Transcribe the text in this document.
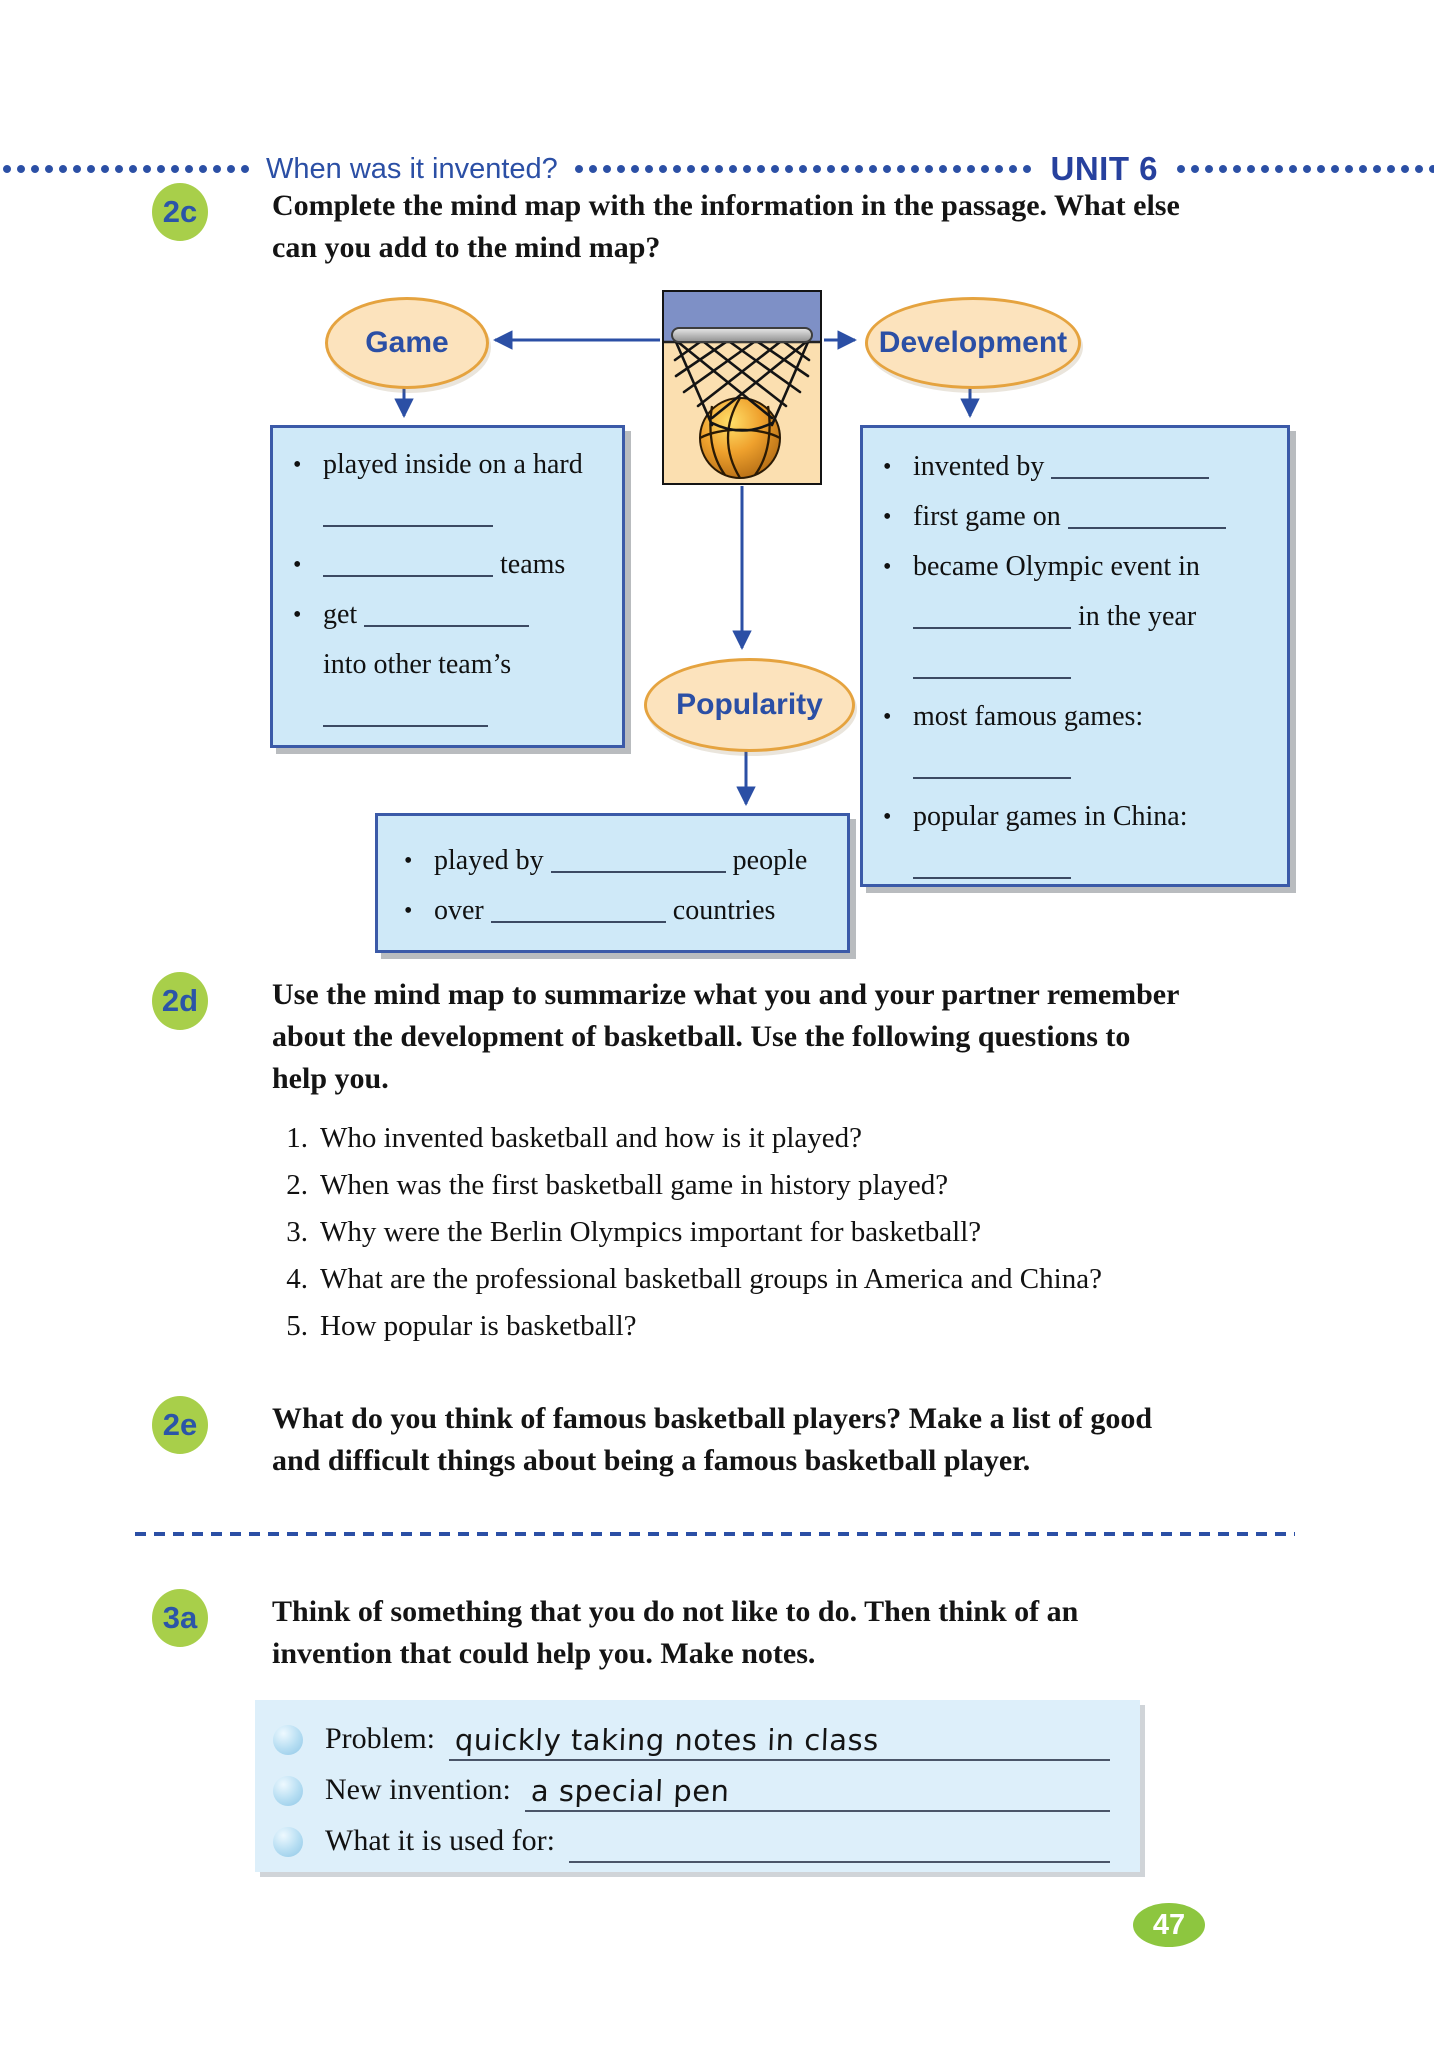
When was it invented?	UNIT 6
2c	Complete the mind map with the information in the passage. What else
can you add to the mind map?
Game	Development
Popularity
• played inside on a hard

•	teams
• get
into other team’s

• invented by
• first game on
• became Olympic event in
in the year

• most famous games:

• popular games in China:

• played by	people
• over	countries
2d	Use the mind map to summarize what you and your partner remember
about the development of basketball. Use the following questions to
help you.
1. Who invented basketball and how is it played?
2. When was the first basketball game in history played?
3. Why were the Berlin Olympics important for basketball?
4. What are the professional basketball groups in America and China?
5. How popular is basketball?
2e	What do you think of famous basketball players? Make a list of good
and difficult things about being a famous basketball player.
3a	Think of something that you do not like to do. Then think of an
invention that could help you. Make notes.
Problem: quickly taking notes in class
New invention: a special pen
What it is used for:
47
